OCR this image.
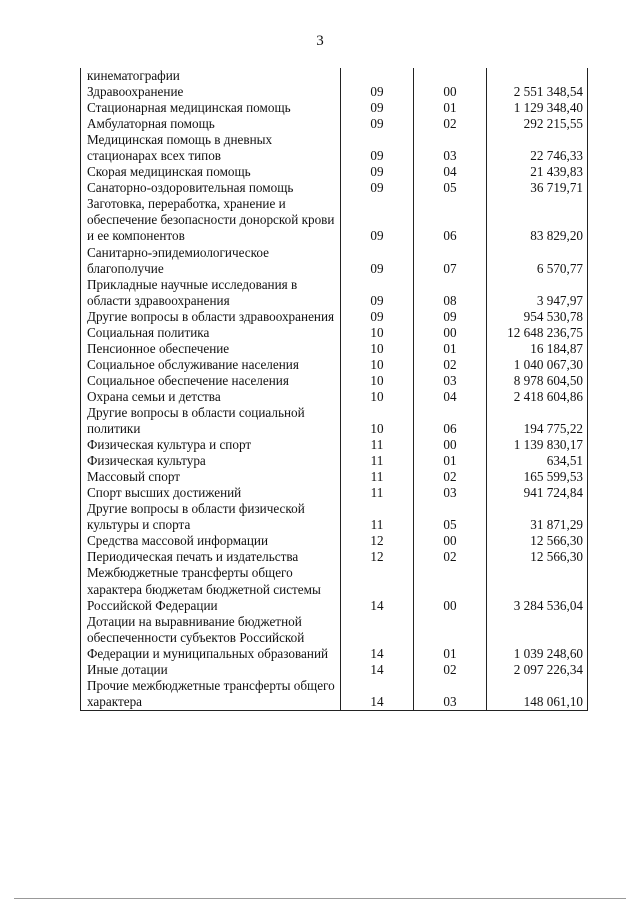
3
кинематографии			
Здравоохранение	09	00	2 551 348,54
Стационарная медицинская помощь	09	01	1 129 348,40
Амбулаторная помощь	09	02	292 215,55
Медицинская помощь в дневных стационарах всех типов	09	03	22 746,33
Скорая медицинская помощь	09	04	21 439,83
Санаторно-оздоровительная помощь	09	05	36 719,71
Заготовка, переработка, хранение и обеспечение безопасности донорской крови и ее компонентов	09	06	83 829,20
Санитарно-эпидемиологическое благополучие	09	07	6 570,77
Прикладные научные исследования в области здравоохранения	09	08	3 947,97
Другие вопросы в области здравоохранения	09	09	954 530,78
Социальная политика	10	00	12 648 236,75
Пенсионное обеспечение	10	01	16 184,87
Социальное обслуживание населения	10	02	1 040 067,30
Социальное обеспечение населения	10	03	8 978 604,50
Охрана семьи и детства	10	04	2 418 604,86
Другие вопросы в области социальной политики	10	06	194 775,22
Физическая культура и спорт	11	00	1 139 830,17
Физическая культура	11	01	634,51
Массовый спорт	11	02	165 599,53
Спорт высших достижений	11	03	941 724,84
Другие вопросы в области физической культуры и спорта	11	05	31 871,29
Средства массовой информации	12	00	12 566,30
Периодическая печать и издательства	12	02	12 566,30
Межбюджетные трансферты общего характера бюджетам бюджетной системы Российской Федерации	14	00	3 284 536,04
Дотации на выравнивание бюджетной обеспеченности субъектов Российской Федерации и муниципальных образований	14	01	1 039 248,60
Иные дотации	14	02	2 097 226,34
Прочие межбюджетные трансферты общего характера	14	03	148 061,10
